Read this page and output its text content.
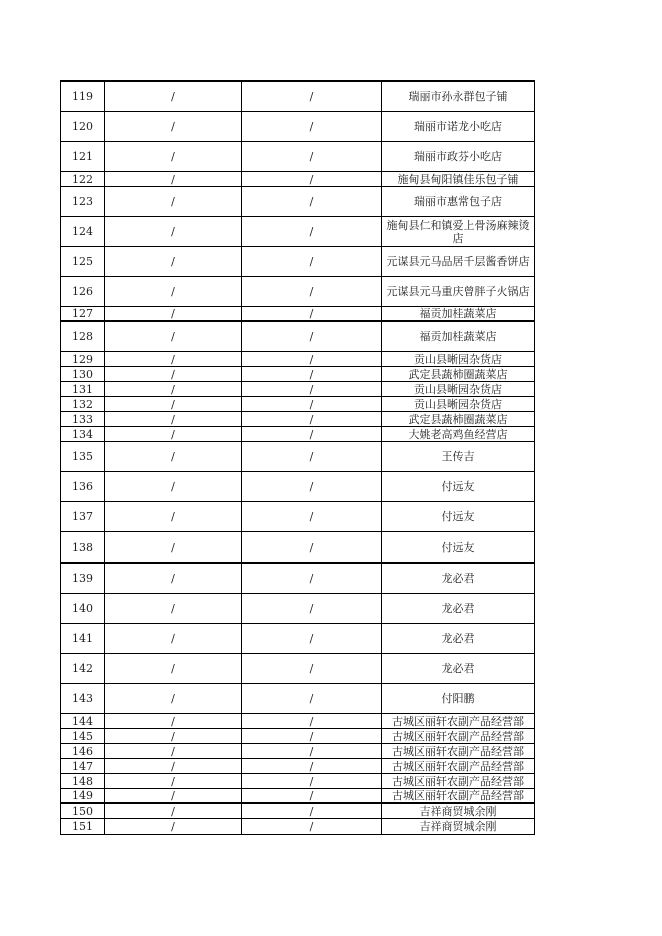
119	/	/	瑞丽市孙永群包子铺
120	/	/	瑞丽市诺龙小吃店
121	/	/	瑞丽市政芬小吃店
122	/	/	施甸县甸阳镇佳乐包子铺
123	/	/	瑞丽市惠常包子店
124	/	/	施甸县仁和镇爱上骨汤麻辣烫店
125	/	/	元谋县元马品居千层酱香饼店
126	/	/	元谋县元马重庆曾胖子火锅店
127	/	/	福贡加桂蔬菜店
128	/	/	福贡加桂蔬菜店
129	/	/	贡山县晰园杂货店
130	/	/	武定县蔬柿圈蔬菜店
131	/	/	贡山县晰园杂货店
132	/	/	贡山县晰园杂货店
133	/	/	武定县蔬柿圈蔬菜店
134	/	/	大姚老高鸡鱼经营店
135	/	/	王传吉
136	/	/	付远友
137	/	/	付远友
138	/	/	付远友
139	/	/	龙必君
140	/	/	龙必君
141	/	/	龙必君
142	/	/	龙必君
143	/	/	付阳鹏
144	/	/	古城区丽轩农副产品经营部
145	/	/	古城区丽轩农副产品经营部
146	/	/	古城区丽轩农副产品经营部
147	/	/	古城区丽轩农副产品经营部
148	/	/	古城区丽轩农副产品经营部
149	/	/	古城区丽轩农副产品经营部
150	/	/	吉祥商贸城余刚
151	/	/	吉祥商贸城余刚
